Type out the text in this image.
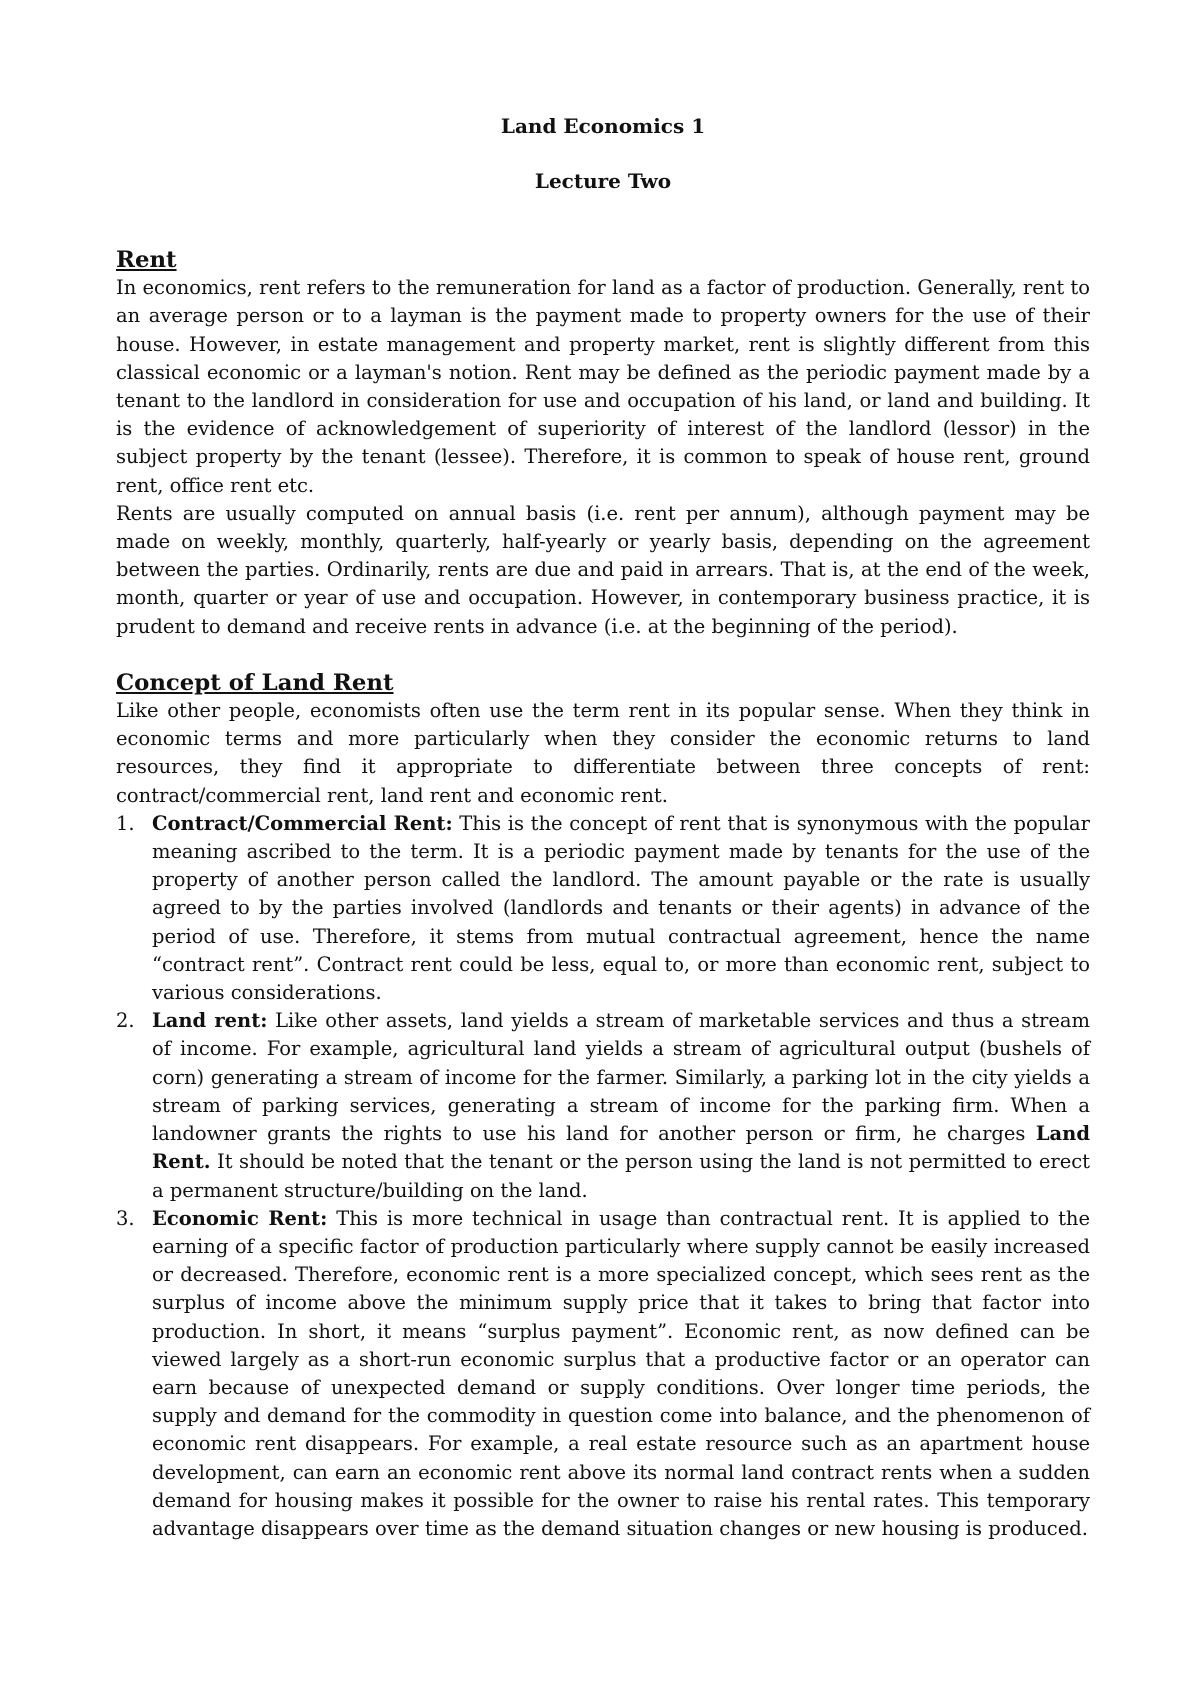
Land Economics 1
Lecture Two
Rent

In economics, rent refers to the remuneration for land as a factor of production. Generally, rent to an average person or to a layman is the payment made to property owners for the use of their house. However, in estate management and property market, rent is slightly different from this classical economic or a layman's notion. Rent may be defined as the periodic payment made by a tenant to the landlord in consideration for use and occupation of his land, or land and building. It is the evidence of acknowledgement of superiority of interest of the landlord (lessor) in the subject property by the tenant (lessee). Therefore, it is common to speak of house rent, ground rent, office rent etc.

Rents are usually computed on annual basis (i.e. rent per annum), although payment may be made on weekly, monthly, quarterly, half-yearly or yearly basis, depending on the agreement between the parties. Ordinarily, rents are due and paid in arrears. That is, at the end of the week, month, quarter or year of use and occupation. However, in contemporary business practice, it is prudent to demand and receive rents in advance (i.e. at the beginning of the period).

Concept of Land Rent

Like other people, economists often use the term rent in its popular sense. When they think in economic terms and more particularly when they consider the economic returns to land resources, they find it appropriate to differentiate between three concepts of rent: contract/commercial rent, land rent and economic rent.

1. Contract/Commercial Rent: This is the concept of rent that is synonymous with the popular meaning ascribed to the term. It is a periodic payment made by tenants for the use of the property of another person called the landlord. The amount payable or the rate is usually agreed to by the parties involved (landlords and tenants or their agents) in advance of the period of use. Therefore, it stems from mutual contractual agreement, hence the name “contract rent”. Contract rent could be less, equal to, or more than economic rent, subject to various considerations.
2. Land rent: Like other assets, land yields a stream of marketable services and thus a stream of income. For example, agricultural land yields a stream of agricultural output (bushels of corn) generating a stream of income for the farmer. Similarly, a parking lot in the city yields a stream of parking services, generating a stream of income for the parking firm. When a landowner grants the rights to use his land for another person or firm, he charges Land Rent. It should be noted that the tenant or the person using the land is not permitted to erect a permanent structure/building on the land.
3. Economic Rent: This is more technical in usage than contractual rent. It is applied to the earning of a specific factor of production particularly where supply cannot be easily increased or decreased. Therefore, economic rent is a more specialized concept, which sees rent as the surplus of income above the minimum supply price that it takes to bring that factor into production. In short, it means “surplus payment”. Economic rent, as now defined can be viewed largely as a short-run economic surplus that a productive factor or an operator can earn because of unexpected demand or supply conditions. Over longer time periods, the supply and demand for the commodity in question come into balance, and the phenomenon of economic rent disappears. For example, a real estate resource such as an apartment house development, can earn an economic rent above its normal land contract rents when a sudden demand for housing makes it possible for the owner to raise his rental rates. This temporary advantage disappears over time as the demand situation changes or new housing is produced.
